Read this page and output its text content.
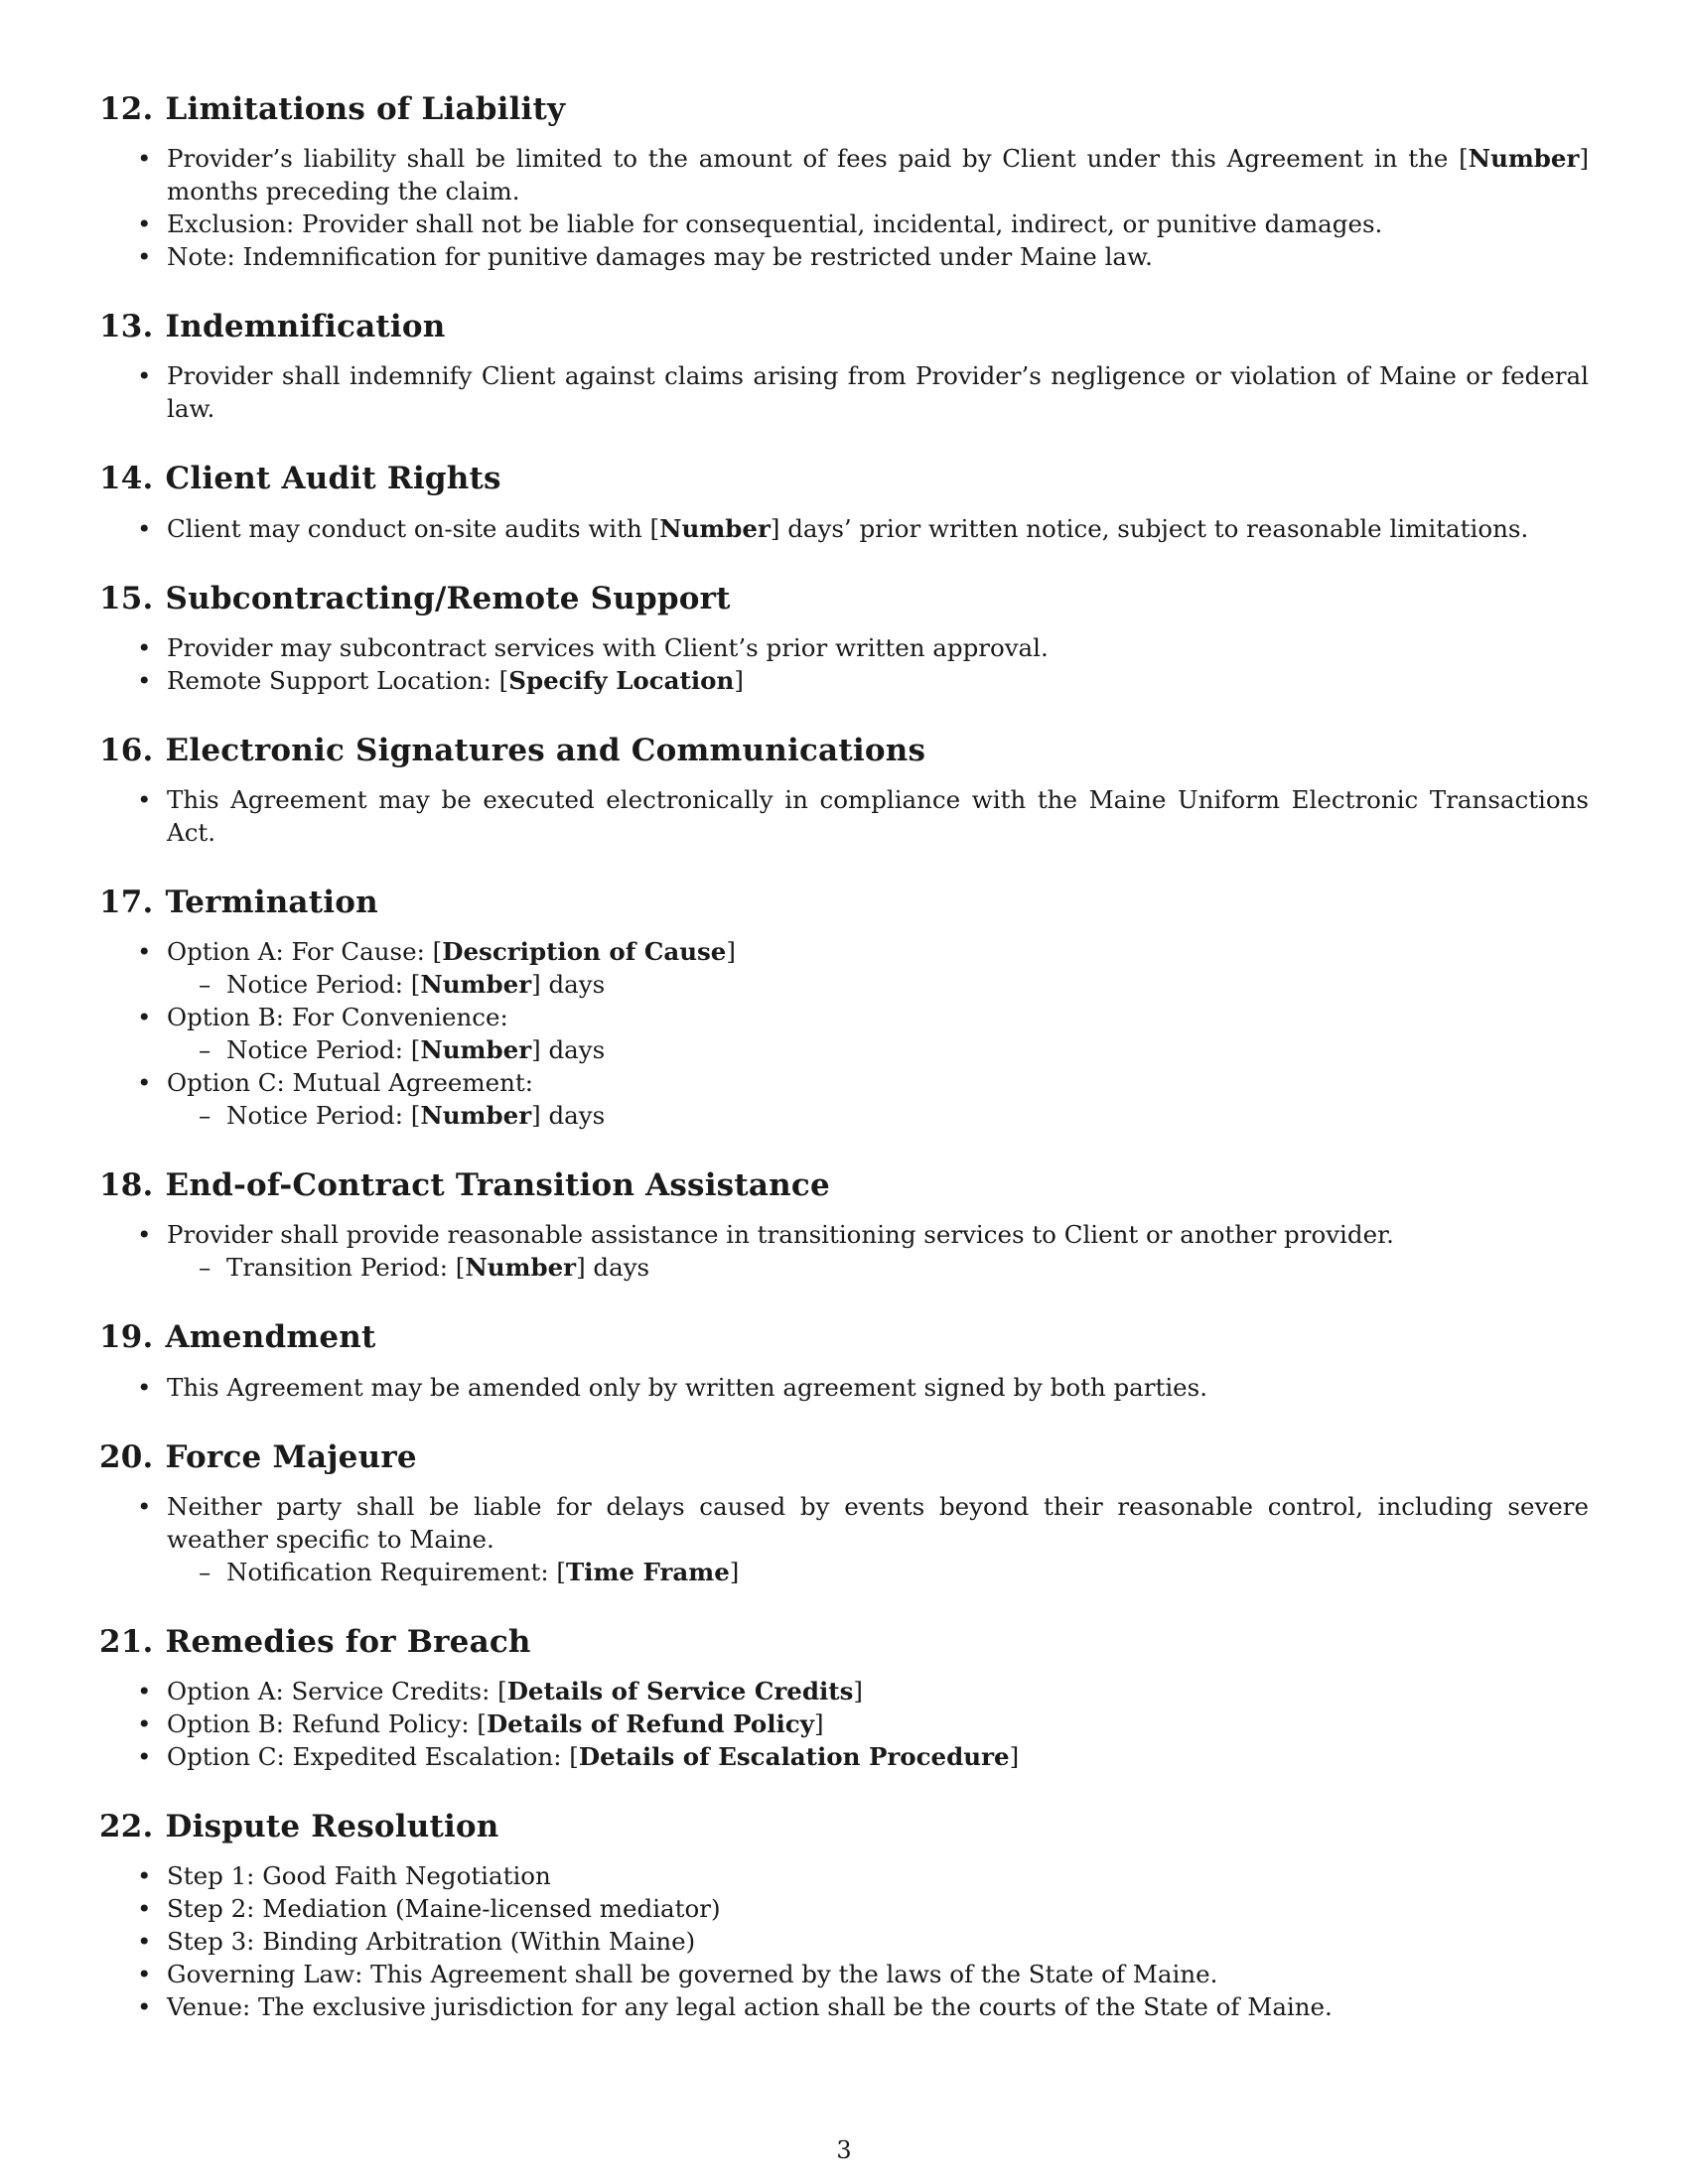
12. Limitations of Liability
• Provider’s liability shall be limited to the amount of fees paid by Client under this Agreement in the [Number] months preceding the claim.
• Exclusion: Provider shall not be liable for consequential, incidental, indirect, or punitive damages.
• Note: Indemnification for punitive damages may be restricted under Maine law.
13. Indemnification
• Provider shall indemnify Client against claims arising from Provider’s negligence or violation of Maine or federal law.
14. Client Audit Rights
• Client may conduct on-site audits with [Number] days’ prior written notice, subject to reasonable limitations.
15. Subcontracting/Remote Support
• Provider may subcontract services with Client’s prior written approval.
• Remote Support Location: [Specify Location]
16. Electronic Signatures and Communications
• This Agreement may be executed electronically in compliance with the Maine Uniform Electronic Transactions Act.
17. Termination
• Option A: For Cause: [Description of Cause]
– Notice Period: [Number] days
• Option B: For Convenience:
– Notice Period: [Number] days
• Option C: Mutual Agreement:
– Notice Period: [Number] days
18. End-of-Contract Transition Assistance
• Provider shall provide reasonable assistance in transitioning services to Client or another provider.
– Transition Period: [Number] days
19. Amendment
• This Agreement may be amended only by written agreement signed by both parties.
20. Force Majeure
• Neither party shall be liable for delays caused by events beyond their reasonable control, including severe weather specific to Maine.
– Notification Requirement: [Time Frame]
21. Remedies for Breach
• Option A: Service Credits: [Details of Service Credits]
• Option B: Refund Policy: [Details of Refund Policy]
• Option C: Expedited Escalation: [Details of Escalation Procedure]
22. Dispute Resolution
• Step 1: Good Faith Negotiation
• Step 2: Mediation (Maine-licensed mediator)
• Step 3: Binding Arbitration (Within Maine)
• Governing Law: This Agreement shall be governed by the laws of the State of Maine.
• Venue: The exclusive jurisdiction for any legal action shall be the courts of the State of Maine.
3
